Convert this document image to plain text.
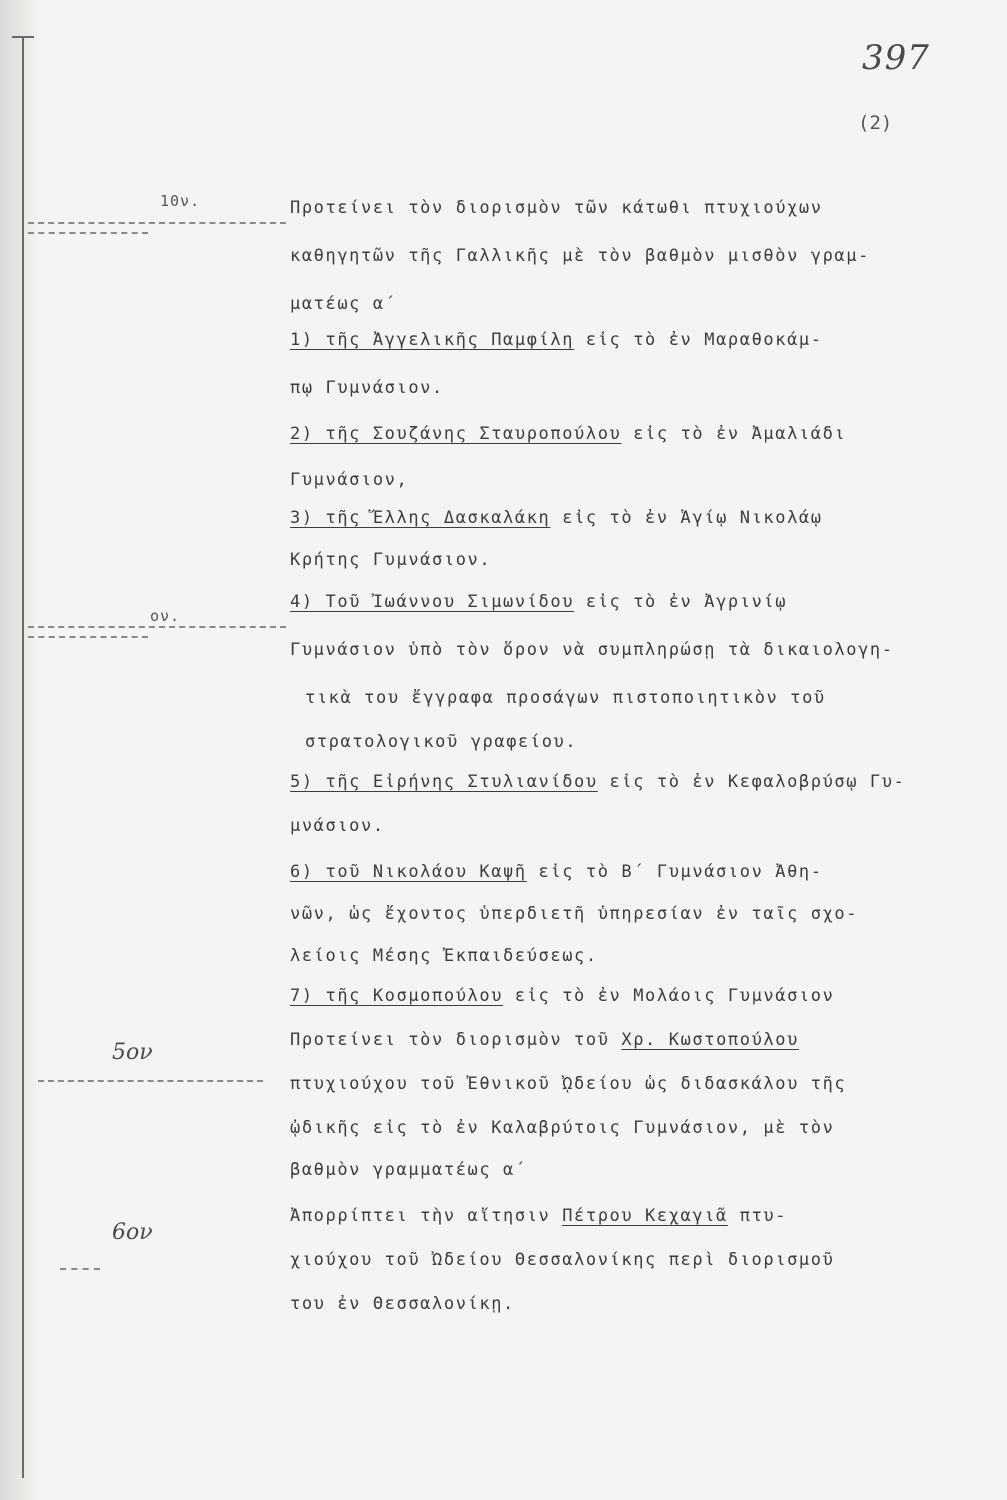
397
(2)
10ν.
ον.
5ον
6ον
Προτείνει τὸν διορισμὸν τῶν κάτωθι πτυχιούχων
καθηγητῶν τῆς Γαλλικῆς μὲ τὸν βαθμὸν μισθὸν γραμ-
ματέως α΄
1) τῆς Ἀγγελικῆς Παμφίλη εἰς τὸ ἐν Μαραθοκάμ-
πῳ Γυμνάσιον.
2) τῆς Σουζάνης Σταυροπούλου εἰς τὸ ἐν Ἀμαλιάδι
Γυμνάσιον,
3) τῆς Ἕλλης Δασκαλάκη εἰς τὸ ἐν Ἁγίῳ Νικολάῳ
Κρήτης Γυμνάσιον.
4) Τοῦ Ἰωάννου Σιμωνίδου εἰς τὸ ἐν Ἀγρινίῳ
Γυμνάσιον ὑπὸ τὸν ὅρον νὰ συμπληρώσῃ τὰ δικαιολογη-
τικὰ του ἔγγραφα προσάγων πιστοποιητικὸν τοῦ
στρατολογικοῦ γραφείου.
5) τῆς Εἰρήνης Στυλιανίδου εἰς τὸ ἐν Κεφαλοβρύσῳ Γυ-
μνάσιον.
6) τοῦ Νικολάου Καψῆ εἰς τὸ Β΄ Γυμνάσιον Ἀθη-
νῶν, ὡς ἔχοντος ὑπερδιετῆ ὑπηρεσίαν ἐν ταῖς σχο-
λείοις Μέσης Ἐκπαιδεύσεως.
7) τῆς Κοσμοπούλου εἰς τὸ ἐν Μολάοις Γυμνάσιον
Προτείνει τὸν διορισμὸν τοῦ Χρ. Κωστοπούλου
πτυχιούχου τοῦ Ἐθνικοῦ ᾨδείου ὡς διδασκάλου τῆς
ᾠδικῆς εἰς τὸ ἐν Καλαβρύτοις Γυμνάσιον, μὲ τὸν
βαθμὸν γραμματέως α΄
Ἀπορρίπτει τὴν αἴτησιν Πέτρου Κεχαγιᾶ πτυ-
χιούχου τοῦ Ὠδείου Θεσσαλονίκης περὶ διορισμοῦ
του ἐν Θεσσαλονίκῃ.
